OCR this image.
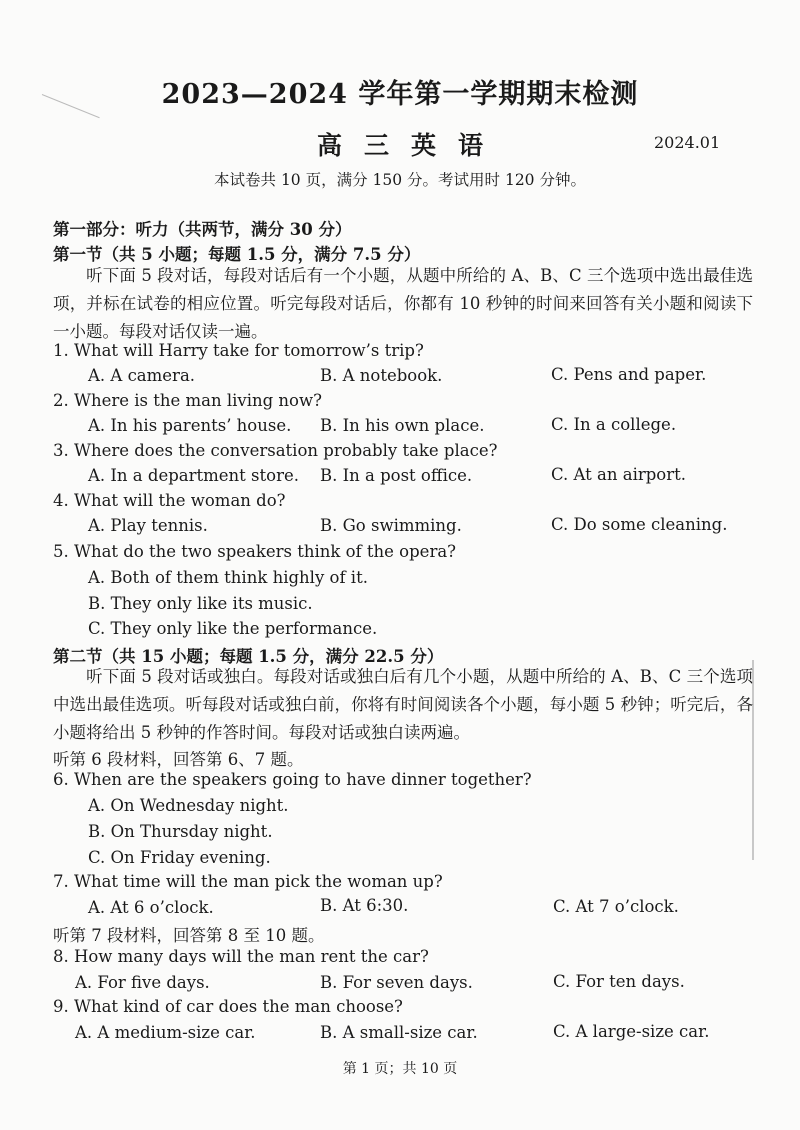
2023—2024 学年第一学期期末检测
高三英语	2024.01
本试卷共 10 页，满分 150 分。考试用时 120 分钟。
第一部分：听力（共两节，满分 30 分）
第一节（共 5 小题；每题 1.5 分，满分 7.5 分）
听下面 5 段对话，每段对话后有一个小题，从题中所给的 A、B、C 三个选项中选出最佳选项，并标在试卷的相应位置。听完每段对话后，你都有 10 秒钟的时间来回答有关小题和阅读下一小题。每段对话仅读一遍。
1. What will Harry take for tomorrow’s trip?
A. A camera.	B. A notebook.	C. Pens and paper.
2. Where is the man living now?
A. In his parents’ house. B. In his own place.	C. In a college.
3. Where does the conversation probably take place?
A. In a department store. B. In a post office.	C. At an airport.
4. What will the woman do?
A. Play tennis.	B. Go swimming.	C. Do some cleaning.
5. What do the two speakers think of the opera?
A. Both of them think highly of it.
B. They only like its music.
C. They only like the performance.
第二节（共 15 小题；每题 1.5 分，满分 22.5 分）
听下面 5 段对话或独白。每段对话或独白后有几个小题，从题中所给的 A、B、C 三个选项中选出最佳选项。听每段对话或独白前，你将有时间阅读各个小题，每小题 5 秒钟；听完后，各小题将给出 5 秒钟的作答时间。每段对话或独白读两遍。
听第 6 段材料，回答第 6、7 题。
6. When are the speakers going to have dinner together?
A. On Wednesday night.
B. On Thursday night.
C. On Friday evening.
7. What time will the man pick the woman up?
A. At 6 o’clock.	B. At 6:30.	C. At 7 o’clock.
听第 7 段材料，回答第 8 至 10 题。
8. How many days will the man rent the car?
A. For five days.	B. For seven days.	C. For ten days.
9. What kind of car does the man choose?
A. A medium-size car.	B. A small-size car.	C. A large-size car.
第 1 页；共 10 页
